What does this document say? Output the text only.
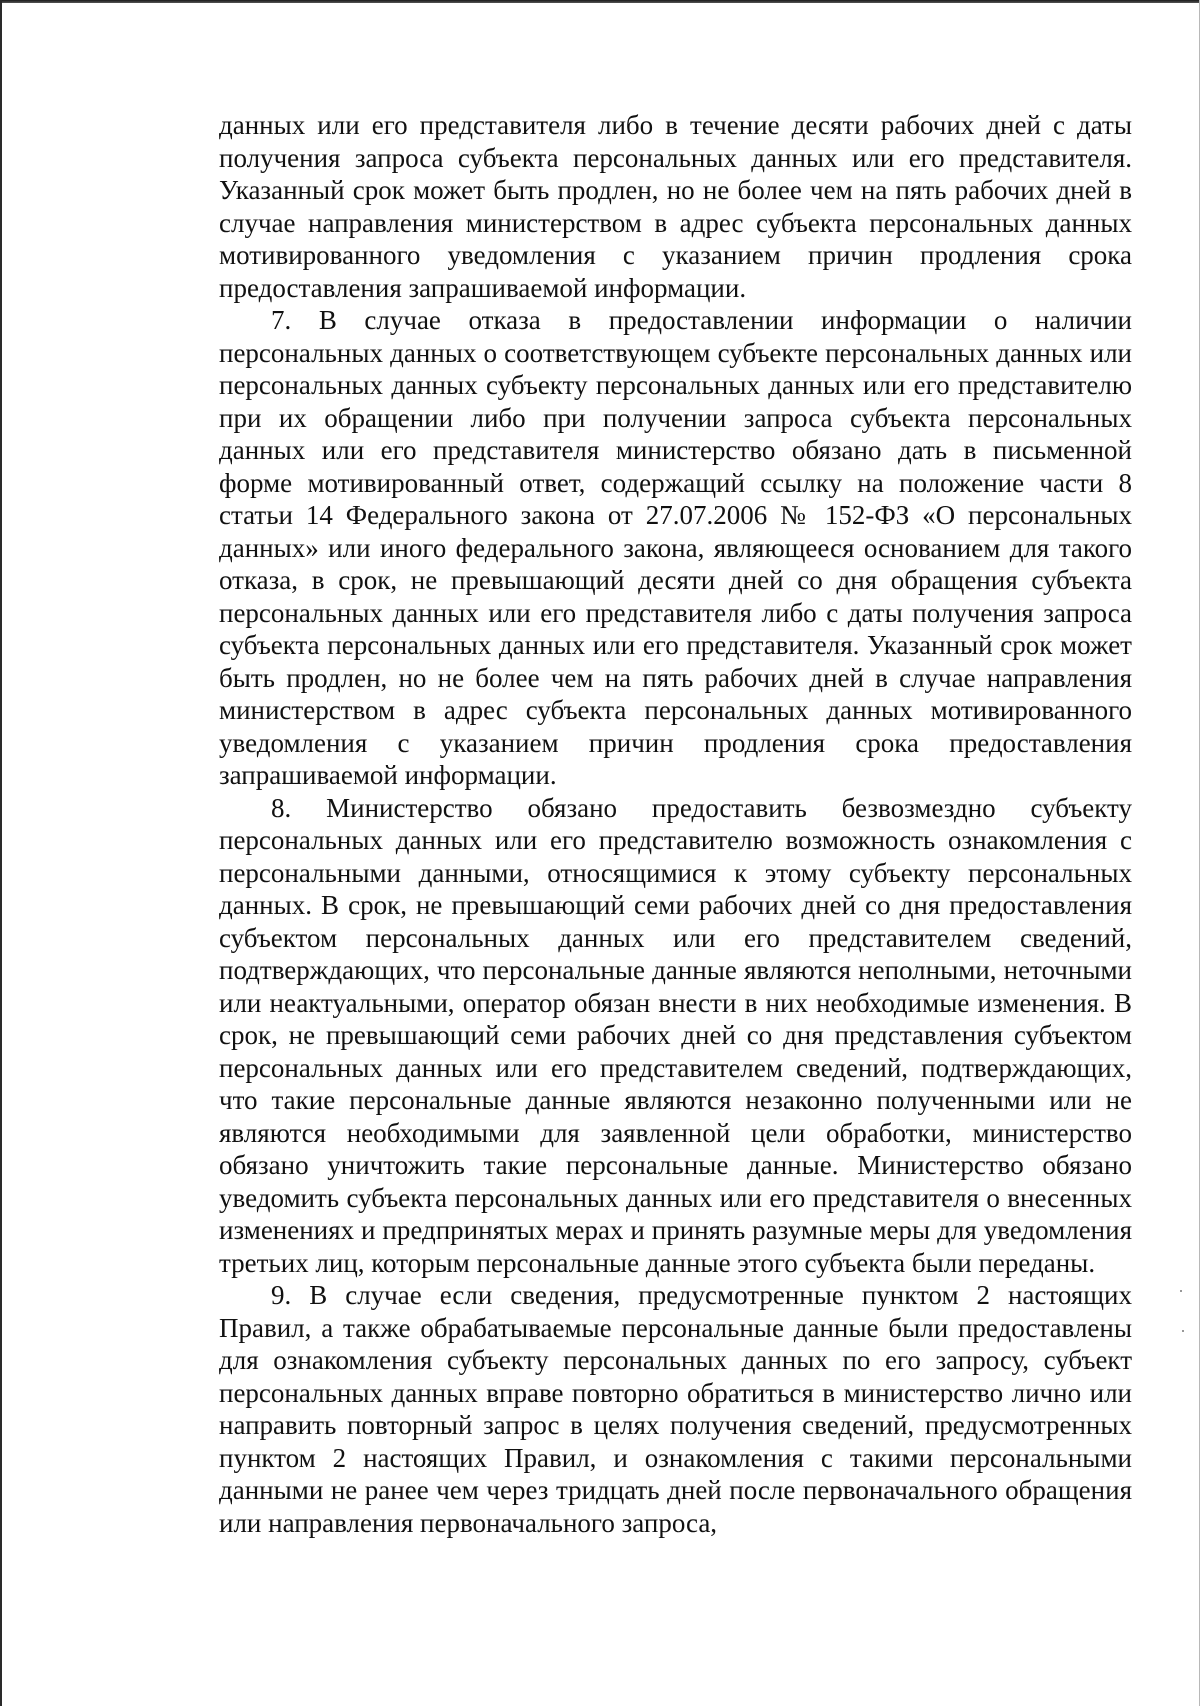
данных или его представителя либо в течение десяти рабочих дней с даты получения запроса субъекта персональных данных или его представителя. Указанный срок может быть продлен, но не более чем на пять рабочих дней в случае направления министерством в адрес субъекта персональных данных мотивированного уведомления с указанием причин продления срока предоставления запрашиваемой информации.

7. В случае отказа в предоставлении информации о наличии персональных данных о соответствующем субъекте персональных данных или персональных данных субъекту персональных данных или его представителю при их обращении либо при получении запроса субъекта персональных данных или его представителя министерство обязано дать в письменной форме мотивированный ответ, содержащий ссылку на положение части 8 статьи 14 Федерального закона от 27.07.2006 № 152-ФЗ «О персональных данных» или иного федерального закона, являющееся основанием для такого отказа, в срок, не превышающий десяти дней со дня обращения субъекта персональных данных или его представителя либо с даты получения запроса субъекта персональных данных или его представителя. Указанный срок может быть продлен, но не более чем на пять рабочих дней в случае направления министерством в адрес субъекта персональных данных мотивированного уведомления с указанием причин продления срока предоставления запрашиваемой информации.

8. Министерство обязано предоставить безвозмездно субъекту персональных данных или его представителю возможность ознакомления с персональными данными, относящимися к этому субъекту персональных данных. В срок, не превышающий семи рабочих дней со дня предоставления субъектом персональных данных или его представителем сведений, подтверждающих, что персональные данные являются неполными, неточными или неактуальными, оператор обязан внести в них необходимые изменения. В срок, не превышающий семи рабочих дней со дня представления субъектом персональных данных или его представителем сведений, подтверждающих, что такие персональные данные являются незаконно полученными или не являются необходимыми для заявленной цели обработки, министерство обязано уничтожить такие персональные данные. Министерство обязано уведомить субъекта персональных данных или его представителя о внесенных изменениях и предпринятых мерах и принять разумные меры для уведомления третьих лиц, которым персональные данные этого субъекта были переданы.

9. В случае если сведения, предусмотренные пунктом 2 настоящих Правил, а также обрабатываемые персональные данные были предоставлены для ознакомления субъекту персональных данных по его запросу, субъект персональных данных вправе повторно обратиться в министерство лично или направить повторный запрос в целях получения сведений, предусмотренных пунктом 2 настоящих Правил, и ознакомления с такими персональными данными не ранее чем через тридцать дней после первоначального обращения или направления первоначального запроса,
